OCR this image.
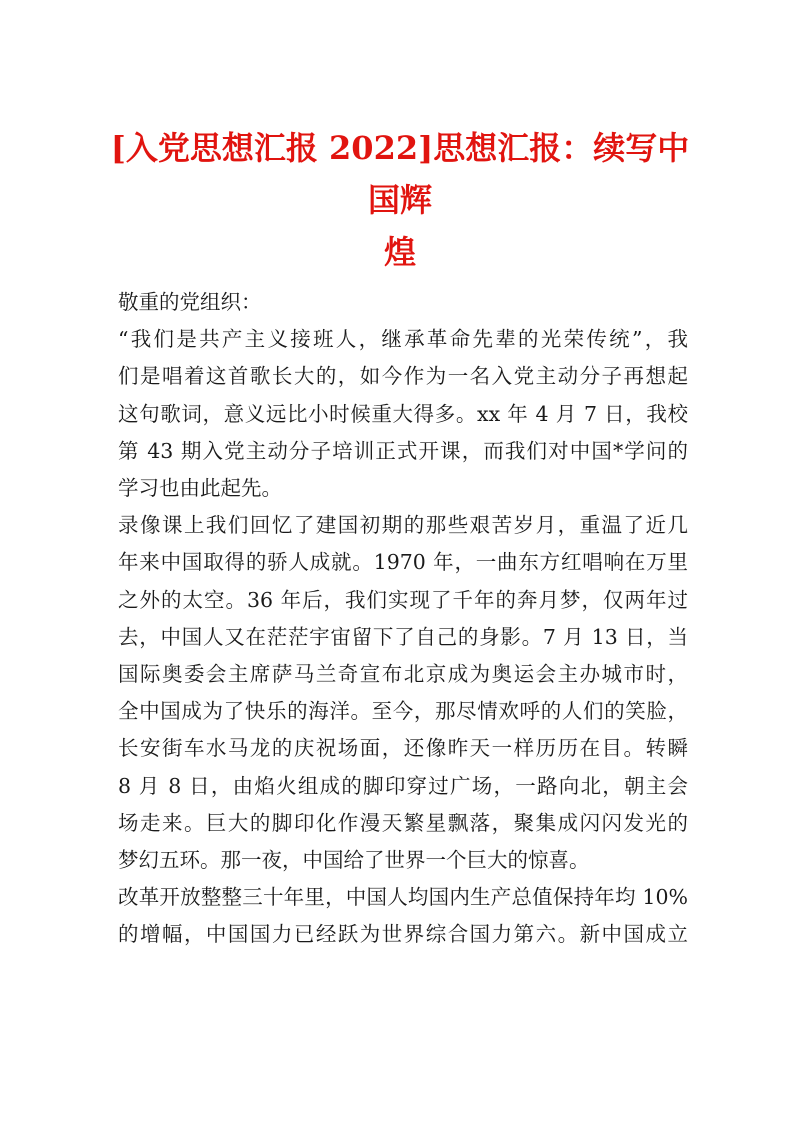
[入党思想汇报 2022]思想汇报：续写中国辉
煌

敬重的党组织：

“我们是共产主义接班人，继承革命先辈的光荣传统”，我
们是唱着这首歌长大的，如今作为一名入党主动分子再想起
这句歌词，意义远比小时候重大得多。xx 年 4 月 7 日，我校
第 43 期入党主动分子培训正式开课，而我们对中国*学问的
学习也由此起先。

录像课上我们回忆了建国初期的那些艰苦岁月，重温了近几
年来中国取得的骄人成就。1970 年，一曲东方红唱响在万里
之外的太空。36 年后，我们实现了千年的奔月梦，仅两年过
去，中国人又在茫茫宇宙留下了自己的身影。7 月 13 日，当
国际奥委会主席萨马兰奇宣布北京成为奥运会主办城市时，
全中国成为了快乐的海洋。至今，那尽情欢呼的人们的笑脸，
长安街车水马龙的庆祝场面，还像昨天一样历历在目。转瞬
8 月 8 日，由焰火组成的脚印穿过广场，一路向北，朝主会
场走来。巨大的脚印化作漫天繁星飘落，聚集成闪闪发光的
梦幻五环。那一夜，中国给了世界一个巨大的惊喜。

改革开放整整三十年里，中国人均国内生产总值保持年均 10%
的增幅，中国国力已经跃为世界综合国力第六。新中国成立
